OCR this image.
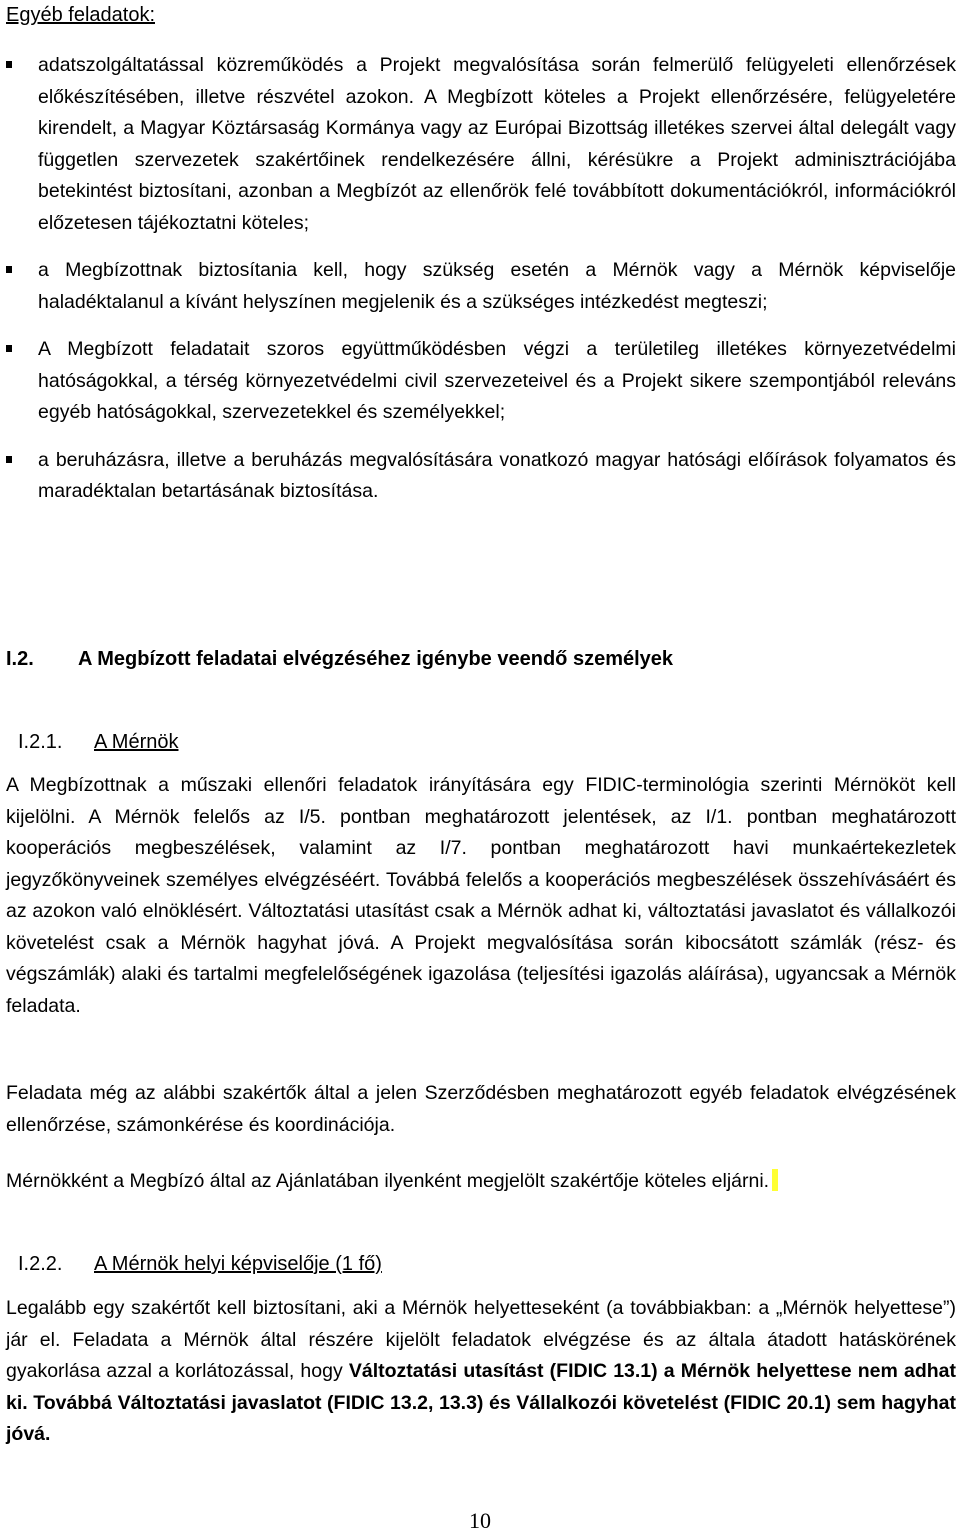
Egyéb feladatok:
adatszolgáltatással közreműködés a Projekt megvalósítása során felmerülő felügyeleti ellenőrzések előkészítésében, illetve részvétel azokon. A Megbízott köteles a Projekt ellenőrzésére, felügyeletére kirendelt, a Magyar Köztársaság Kormánya vagy az Európai Bizottság illetékes szervei által delegált vagy független szervezetek szakértőinek rendelkezésére állni, kérésükre a Projekt adminisztrációjába betekintést biztosítani, azonban a Megbízót az ellenőrök felé továbbított dokumentációkról, információkról előzetesen tájékoztatni köteles;
a Megbízottnak biztosítania kell, hogy szükség esetén a Mérnök vagy a Mérnök képviselője haladéktalanul a kívánt helyszínen megjelenik és a szükséges intézkedést megteszi;
A Megbízott feladatait szoros együttműködésben végzi a területileg illetékes környezetvédelmi hatóságokkal, a térség környezetvédelmi civil szervezeteivel és a Projekt sikere szempontjából releváns egyéb hatóságokkal, szervezetekkel és személyekkel;
a beruházásra, illetve a beruházás megvalósítására vonatkozó magyar hatósági előírások folyamatos és maradéktalan betartásának biztosítása.
I.2. A Megbízott feladatai elvégzéséhez igénybe veendő személyek
I.2.1. A Mérnök
A Megbízottnak a műszaki ellenőri feladatok irányítására egy FIDIC-terminológia szerinti Mérnököt kell kijelölni. A Mérnök felelős az I/5. pontban meghatározott jelentések, az I/1. pontban meghatározott kooperációs megbeszélések, valamint az I/7. pontban meghatározott havi munkaértekezletek jegyzőkönyveinek személyes elvégzéséért. Továbbá felelős a kooperációs megbeszélések összehívásáért és az azokon való elnöklésért. Változtatási utasítást csak a Mérnök adhat ki, változtatási javaslatot és vállalkozói követelést csak a Mérnök hagyhat jóvá. A Projekt megvalósítása során kibocsátott számlák (rész- és végszámlák) alaki és tartalmi megfelelőségének igazolása (teljesítési igazolás aláírása), ugyancsak a Mérnök feladata.
Feladata még az alábbi szakértők által a jelen Szerződésben meghatározott egyéb feladatok elvégzésének ellenőrzése, számonkérése és koordinációja.
Mérnökként a Megbízó által az Ajánlatában ilyenként megjelölt szakértője köteles eljárni.
I.2.2. A Mérnök helyi képviselője (1 fő)
Legalább egy szakértőt kell biztosítani, aki a Mérnök helyetteseként (a továbbiakban: a „Mérnök helyettese”) jár el. Feladata a Mérnök által részére kijelölt feladatok elvégzése és az általa átadott hatáskörének gyakorlása azzal a korlátozással, hogy Változtatási utasítást (FIDIC 13.1) a Mérnök helyettese nem adhat ki. Továbbá Változtatási javaslatot (FIDIC 13.2, 13.3) és Vállalkozói követelést (FIDIC 20.1) sem hagyhat jóvá.
10
